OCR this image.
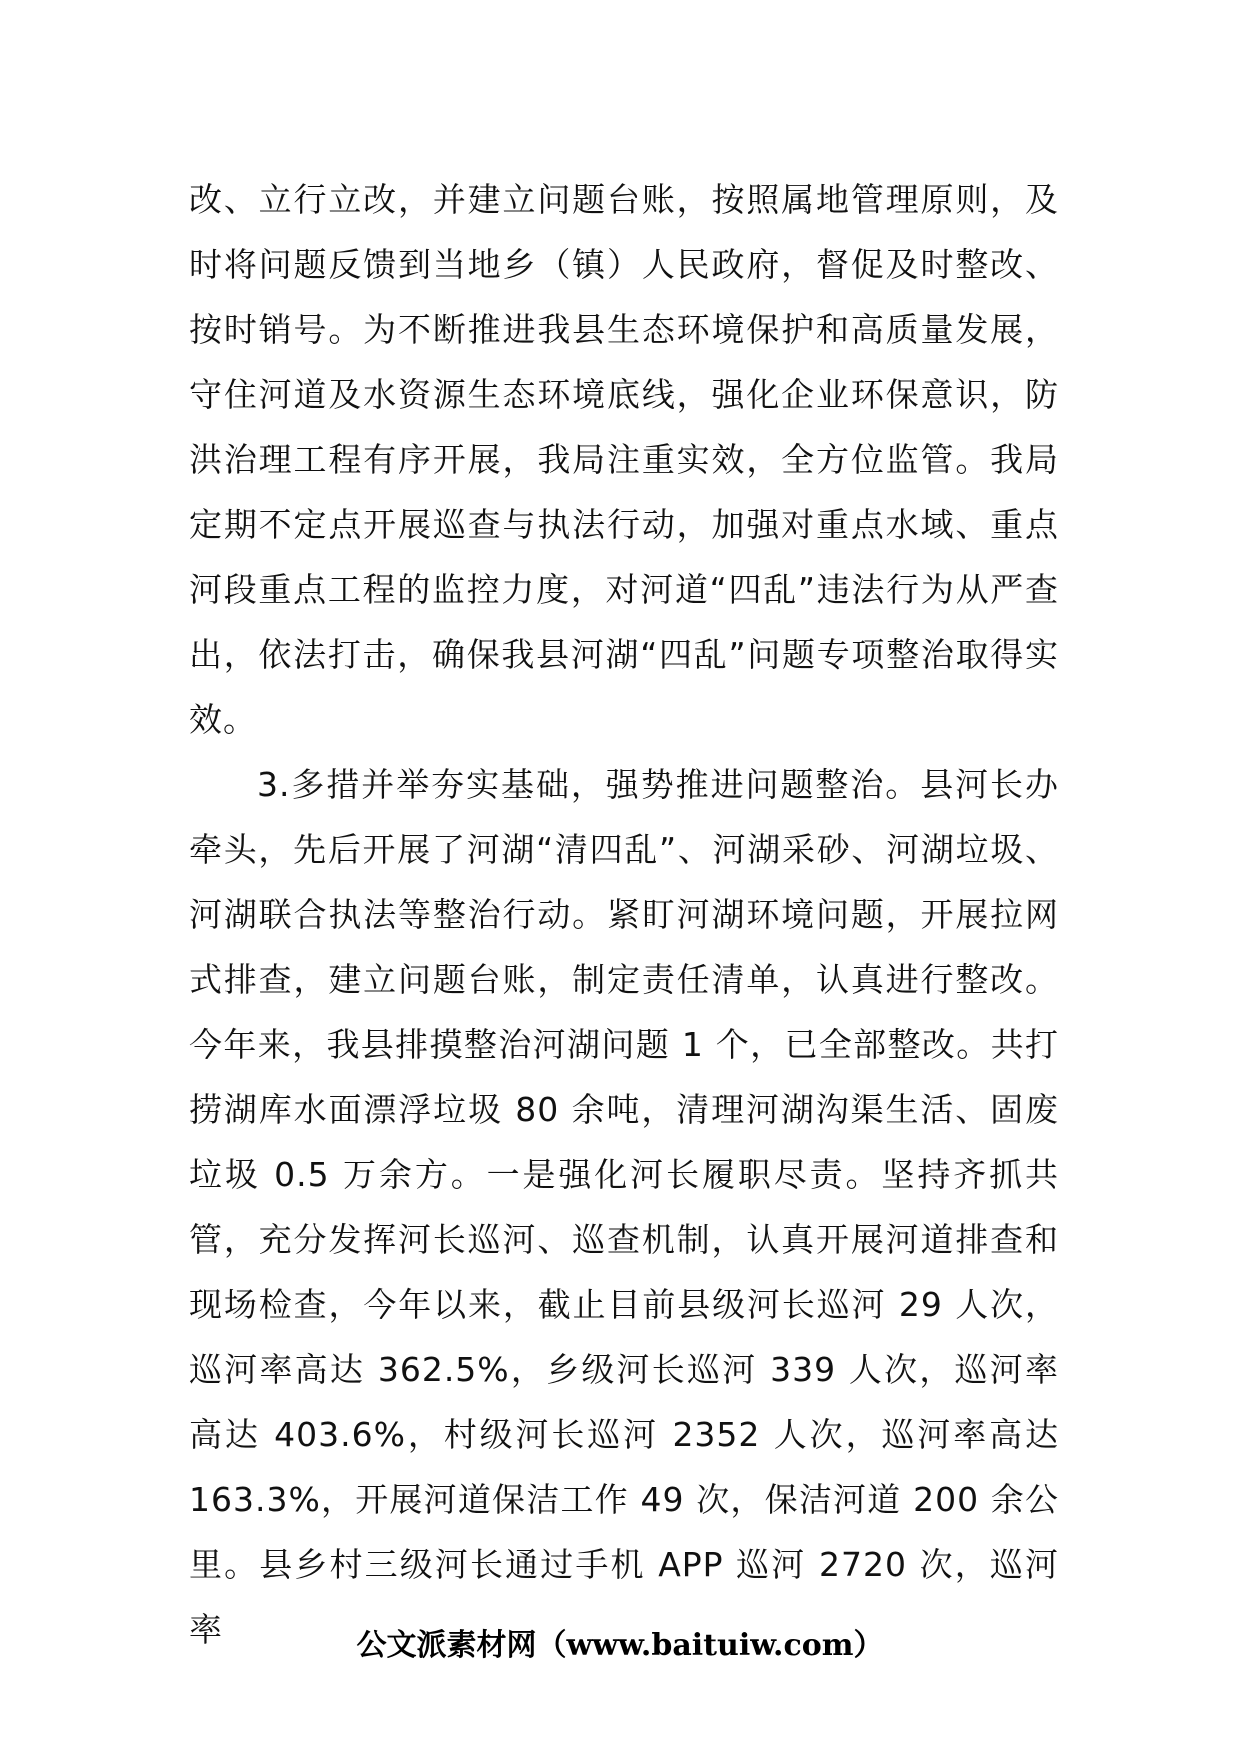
改、立行立改，并建立问题台账，按照属地管理原则，及时将问题反馈到当地乡（镇）人民政府，督促及时整改、按时销号。为不断推进我县生态环境保护和高质量发展，守住河道及水资源生态环境底线，强化企业环保意识，防洪治理工程有序开展，我局注重实效，全方位监管。我局定期不定点开展巡查与执法行动，加强对重点水域、重点河段重点工程的监控力度，对河道“四乱”违法行为从严查出，依法打击，确保我县河湖“四乱”问题专项整治取得实效。

3.多措并举夯实基础，强势推进问题整治。县河长办牵头，先后开展了河湖“清四乱”、河湖采砂、河湖垃圾、河湖联合执法等整治行动。紧盯河湖环境问题，开展拉网式排查，建立问题台账，制定责任清单，认真进行整改。今年来，我县排摸整治河湖问题 1 个，已全部整改。共打捞湖库水面漂浮垃圾 80 余吨，清理河湖沟渠生活、固废垃圾 0.5 万余方。一是强化河长履职尽责。坚持齐抓共管，充分发挥河长巡河、巡查机制，认真开展河道排查和现场检查，今年以来，截止目前县级河长巡河 29 人次，巡河率高达 362.5%，乡级河长巡河 339 人次，巡河率高达 403.6%，村级河长巡河 2352 人次，巡河率高达 163.3%，开展河道保洁工作 49 次，保洁河道 200 余公里。县乡村三级河长通过手机 APP 巡河 2720 次，巡河率	公文派素材网（www.baituiw.com）
